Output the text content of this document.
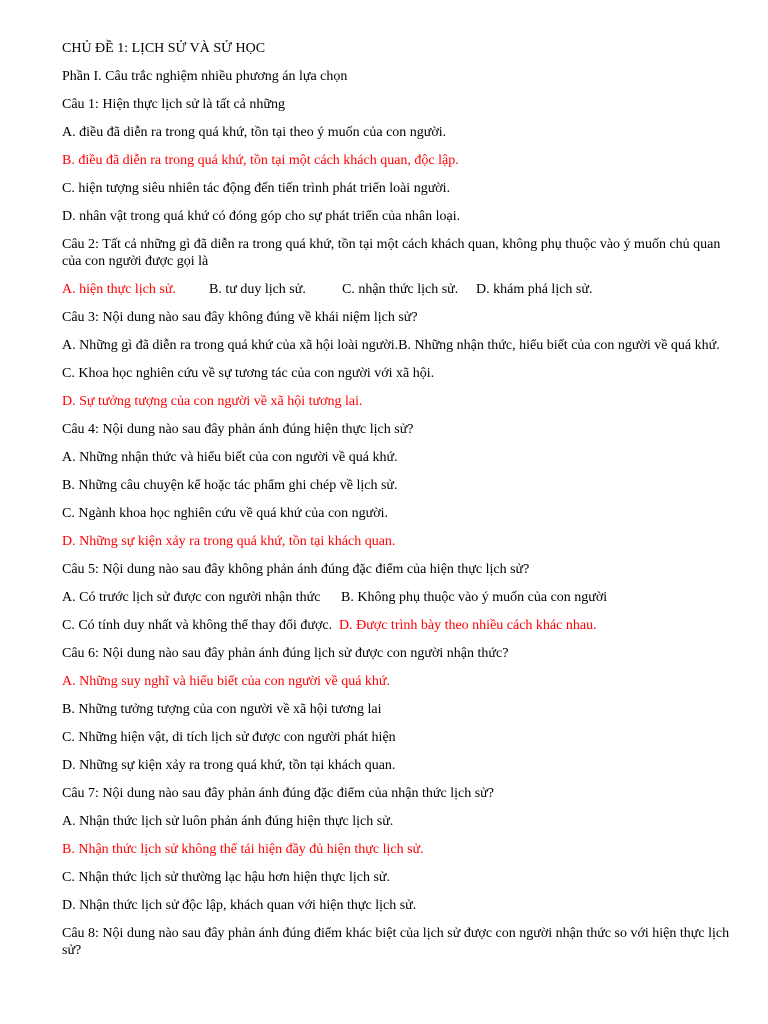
CHỦ ĐỀ 1: LỊCH SỬ VÀ SỬ HỌC
Phần I. Câu trắc nghiệm nhiều phương án lựa chọn
Câu 1: Hiện thực lịch sử là tất cả những
A. điều đã diễn ra trong quá khứ, tồn tại theo ý muốn của con người.
B. điều đã diễn ra trong quá khứ, tồn tại một cách khách quan, độc lập.
C. hiện tượng siêu nhiên tác động đến tiến trình phát triển loài người.
D. nhân vật trong quá khứ có đóng góp cho sự phát triển của nhân loại.
Câu 2: Tất cả những gì đã diễn ra trong quá khứ, tồn tại một cách khách quan, không phụ thuộc vào ý muốn chủ quan của con người được gọi là
A. hiện thực lịch sử.	B. tư duy lịch sử.	C. nhận thức lịch sử.	D. khám phá lịch sử.
Câu 3: Nội dung nào sau đây không đúng về khái niệm lịch sử?
A. Những gì đã diễn ra trong quá khứ của xã hội loài người.B. Những nhận thức, hiểu biết của con người về quá khứ.
C. Khoa học nghiên cứu về sự tương tác của con người với xã hội.
D. Sự tưởng tượng của con người về xã hội tương lai.
Câu 4: Nội dung nào sau đây phản ánh đúng hiện thực lịch sử?
A. Những nhận thức và hiểu biết của con người về quá khứ.
B. Những câu chuyện kể hoặc tác phẩm ghi chép về lịch sử.
C. Ngành khoa học nghiên cứu về quá khứ của con người.
D. Những sự kiện xảy ra trong quá khứ, tồn tại khách quan.
Câu 5: Nội dung nào sau đây không phản ánh đúng đặc điểm của hiện thực lịch sử?
A. Có trước lịch sử được con người nhận thức	B. Không phụ thuộc vào ý muốn của con người
C. Có tính duy nhất và không thể thay đổi được. D. Được trình bày theo nhiều cách khác nhau.
Câu 6: Nội dung nào sau đây phản ánh đúng lịch sử được con người nhận thức?
A. Những suy nghĩ và hiểu biết của con người về quá khứ.
B. Những tưởng tượng của con người về xã hội tương lai
C. Những hiện vật, di tích lịch sử được con người phát hiện
D. Những sự kiện xảy ra trong quá khứ, tồn tại khách quan.
Câu 7: Nội dung nào sau đây phản ánh đúng đặc điểm của nhận thức lịch sử?
A. Nhận thức lịch sử luôn phản ánh đúng hiện thực lịch sử.
B. Nhận thức lịch sử không thể tái hiện đầy đủ hiện thực lịch sử.
C. Nhận thức lịch sử thường lạc hậu hơn hiện thực lịch sử.
D. Nhận thức lịch sử độc lập, khách quan với hiện thực lịch sử.
Câu 8: Nội dung nào sau đây phản ánh đúng điểm khác biệt của lịch sử được con người nhận thức so với hiện thực lịch sử?
